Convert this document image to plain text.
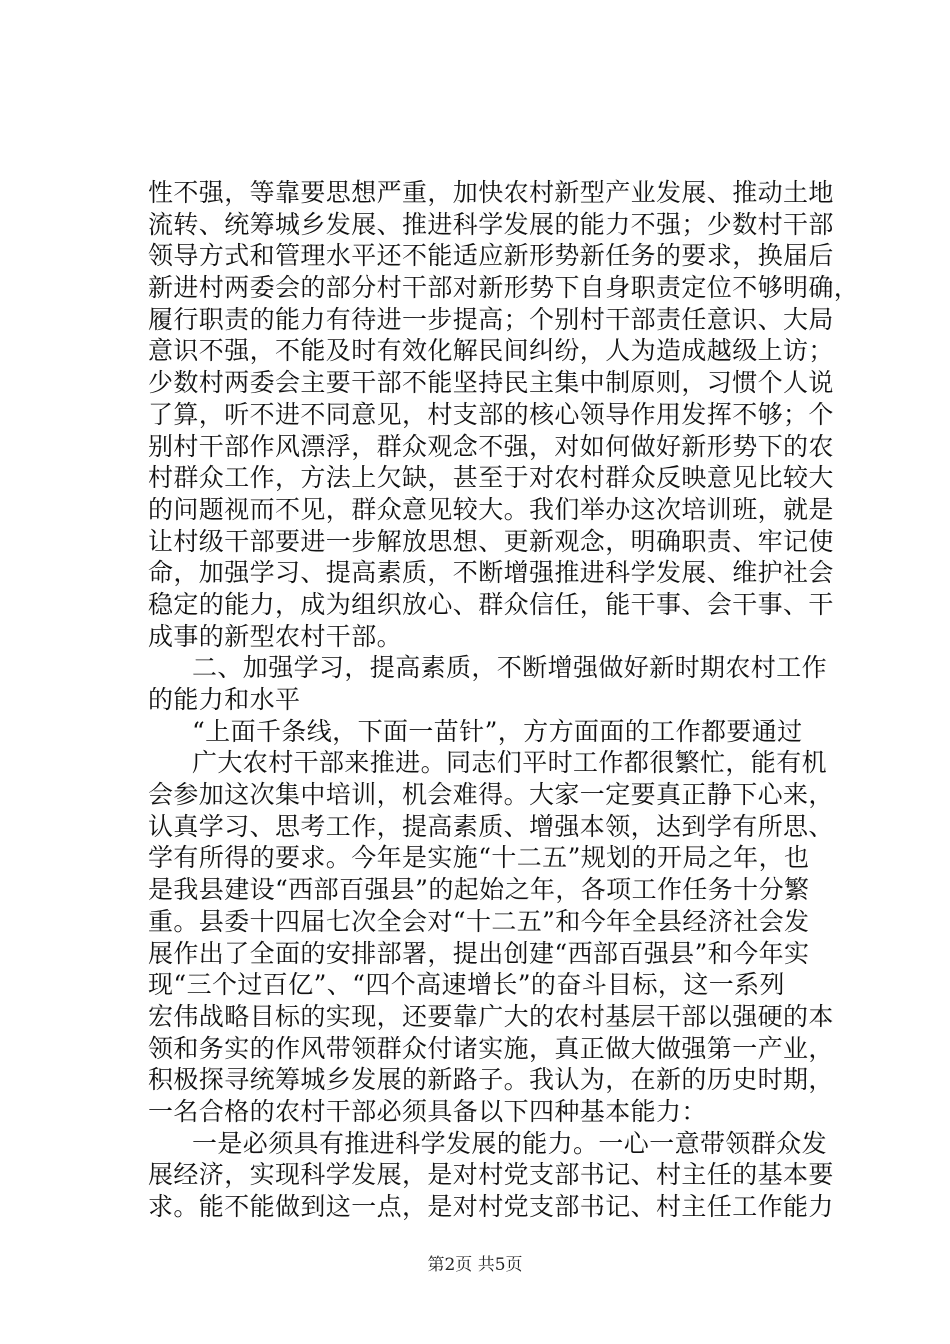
性不强，等靠要思想严重，加快农村新型产业发展、推动土地
流转、统筹城乡发展、推进科学发展的能力不强；少数村干部
领导方式和管理水平还不能适应新形势新任务的要求，换届后
新进村两委会的部分村干部对新形势下自身职责定位不够明确，
履行职责的能力有待进一步提高；个别村干部责任意识、大局
意识不强，不能及时有效化解民间纠纷，人为造成越级上访；
少数村两委会主要干部不能坚持民主集中制原则，习惯个人说
了算，听不进不同意见，村支部的核心领导作用发挥不够；个
别村干部作风漂浮，群众观念不强，对如何做好新形势下的农
村群众工作，方法上欠缺，甚至于对农村群众反映意见比较大
的问题视而不见，群众意见较大。我们举办这次培训班，就是
让村级干部要进一步解放思想、更新观念，明确职责、牢记使
命，加强学习、提高素质，不断增强推进科学发展、维护社会
稳定的能力，成为组织放心、群众信任，能干事、会干事、干
成事的新型农村干部。
二、加强学习，提高素质，不断增强做好新时期农村工作
的能力和水平
“上面千条线，下面一苗针”，方方面面的工作都要通过
广大农村干部来推进。同志们平时工作都很繁忙，能有机
会参加这次集中培训，机会难得。大家一定要真正静下心来，
认真学习、思考工作，提高素质、增强本领，达到学有所思、
学有所得的要求。今年是实施“十二五”规划的开局之年，也
是我县建设“西部百强县”的起始之年，各项工作任务十分繁
重。县委十四届七次全会对“十二五”和今年全县经济社会发
展作出了全面的安排部署，提出创建“西部百强县”和今年实
现“三个过百亿”、“四个高速增长”的奋斗目标，这一系列
宏伟战略目标的实现，还要靠广大的农村基层干部以强硬的本
领和务实的作风带领群众付诸实施，真正做大做强第一产业，
积极探寻统筹城乡发展的新路子。我认为，在新的历史时期，
一名合格的农村干部必须具备以下四种基本能力：
一是必须具有推进科学发展的能力。一心一意带领群众发
展经济，实现科学发展，是对村党支部书记、村主任的基本要
求。能不能做到这一点，是对村党支部书记、村主任工作能力
第2页 共5页
